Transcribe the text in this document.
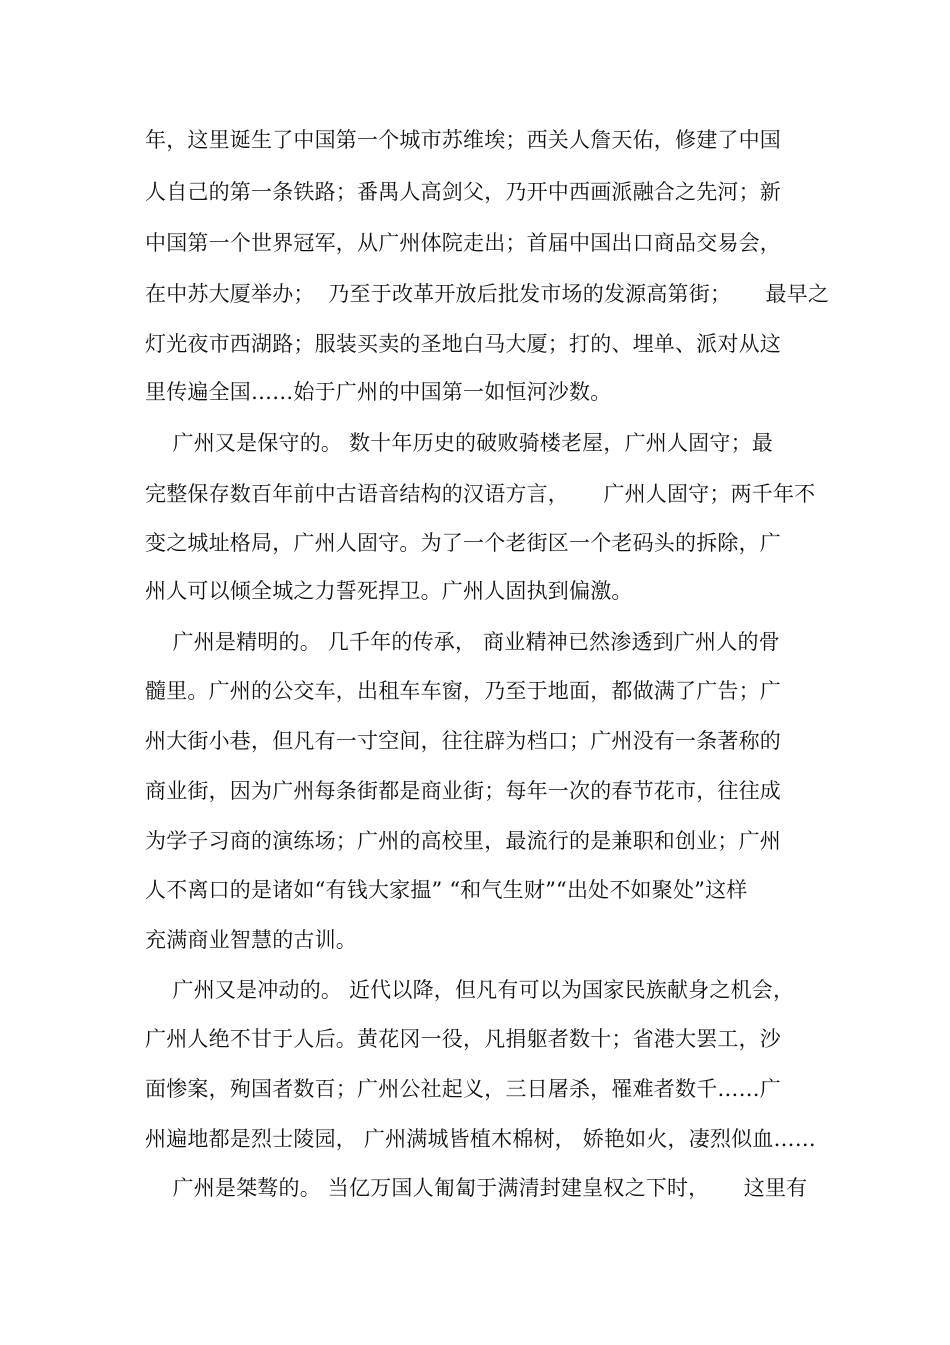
年，这里诞生了中国第一个城市苏维埃；西关人詹天佑，修建了中国
人自己的第一条铁路；番禺人高剑父，乃开中西画派融合之先河；新
中国第一个世界冠军，从广州体院走出；首届中国出口商品交易会，
在中苏大厦举办；  乃至于改革开放后批发市场的发源高第街；     最早之
灯光夜市西湖路；服装买卖的圣地白马大厦；打的、埋单、派对从这
里传遍全国……始于广州的中国第一如恒河沙数。
广州又是保守的。 数十年历史的破败骑楼老屋，广州人固守；最
完整保存数百年前中古语音结构的汉语方言，     广州人固守；两千年不
变之城址格局，广州人固守。为了一个老街区一个老码头的拆除，广
州人可以倾全城之力誓死捍卫。广州人固执到偏激。
广州是精明的。 几千年的传承， 商业精神已然渗透到广州人的骨
髓里。广州的公交车，出租车车窗，乃至于地面，都做满了广告；广
州大街小巷，但凡有一寸空间，往往辟为档口；广州没有一条著称的
商业街，因为广州每条街都是商业街；每年一次的春节花市，往往成
为学子习商的演练场；广州的高校里，最流行的是兼职和创业；广州
人不离口的是诸如“有钱大家揾” “和气生财”“出处不如聚处”这样
充满商业智慧的古训。
广州又是冲动的。 近代以降，但凡有可以为国家民族献身之机会，
广州人绝不甘于人后。黄花冈一役，凡捐躯者数十；省港大罢工，沙
面惨案，殉国者数百；广州公社起义，三日屠杀，罹难者数千……广
州遍地都是烈士陵园， 广州满城皆植木棉树， 娇艳如火，凄烈似血……
广州是桀骜的。 当亿万国人匍匐于满清封建皇权之下时，     这里有
